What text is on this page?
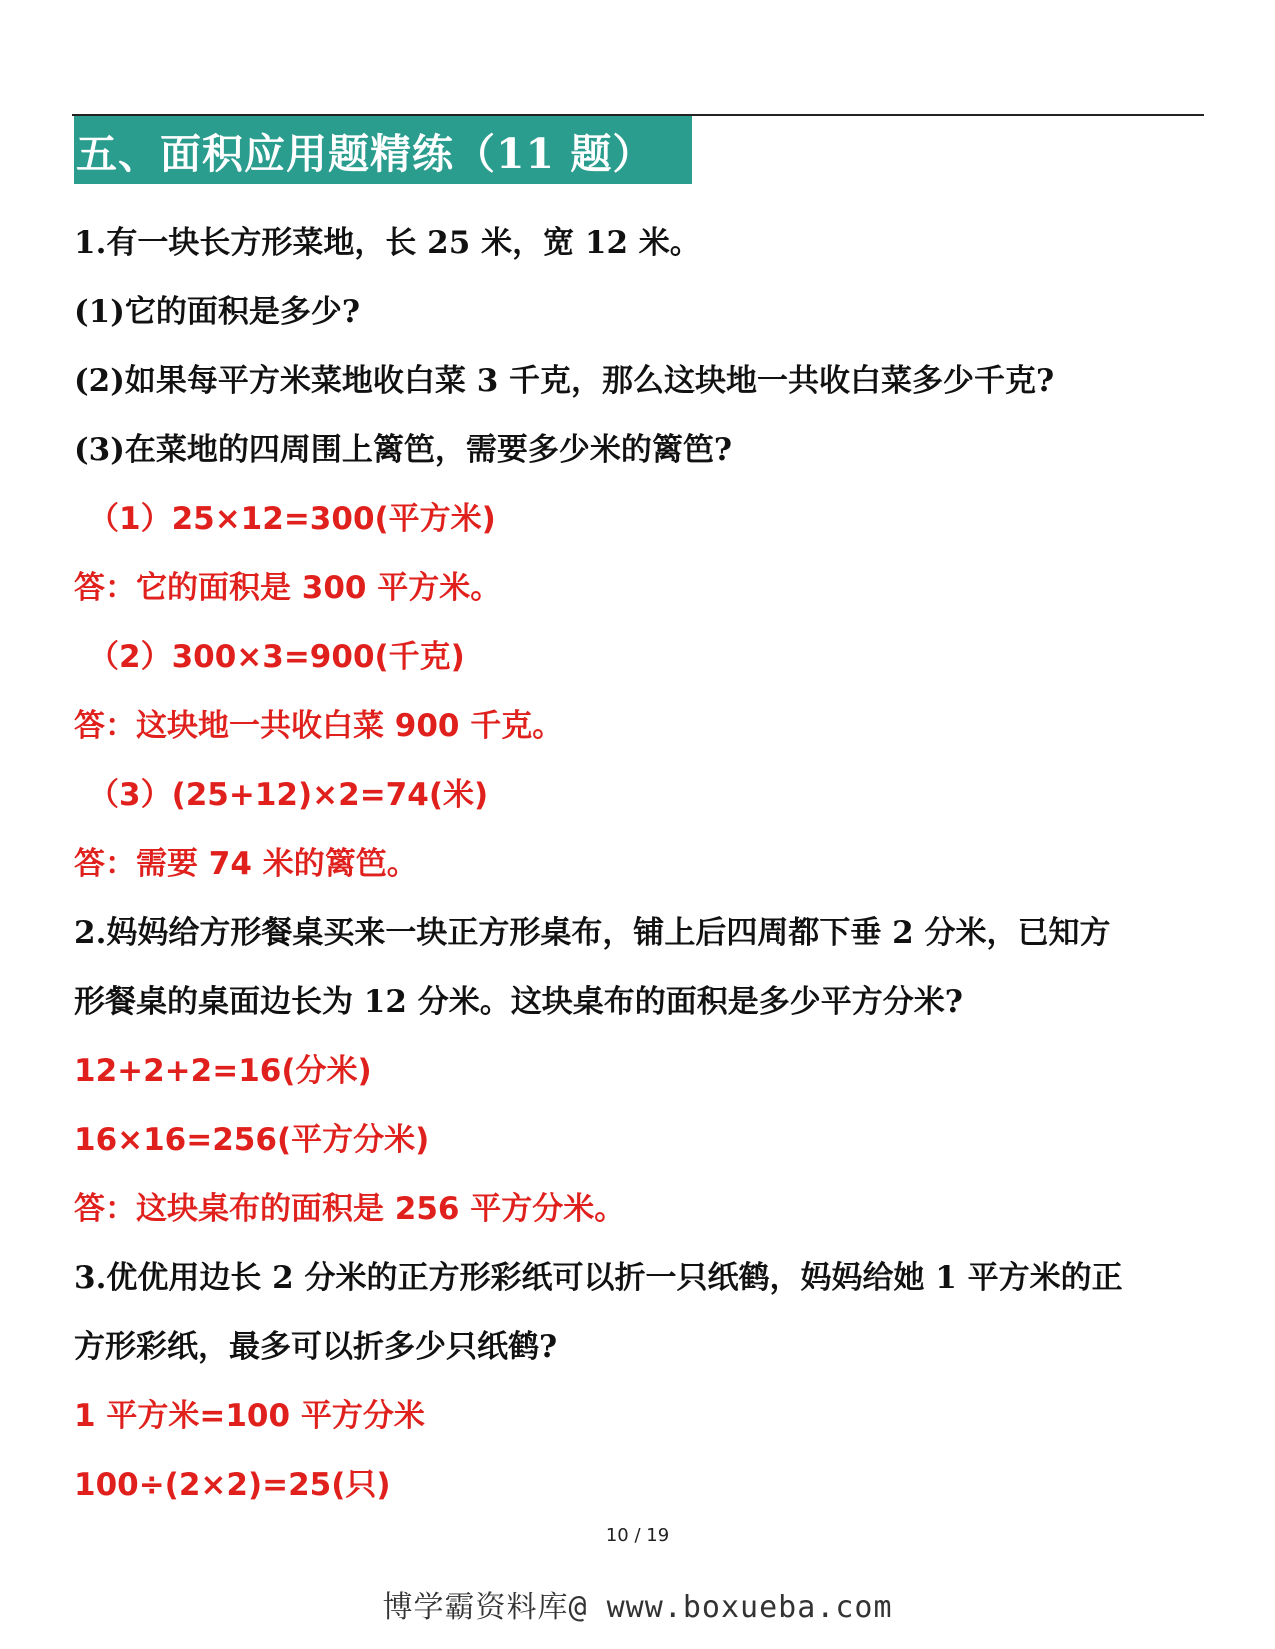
五、面积应用题精练（11 题）
1.有一块长方形菜地，长 25 米，宽 12 米。
(1)它的面积是多少?
(2)如果每平方米菜地收白菜 3 千克，那么这块地一共收白菜多少千克?
(3)在菜地的四周围上篱笆，需要多少米的篱笆?
（1）25×12=300(平方米)
答：它的面积是 300 平方米。
（2）300×3=900(千克)
答：这块地一共收白菜 900 千克。
（3）(25+12)×2=74(米)
答：需要 74 米的篱笆。
2.妈妈给方形餐桌买来一块正方形桌布，铺上后四周都下垂 2 分米，已知方
形餐桌的桌面边长为 12 分米。这块桌布的面积是多少平方分米?
12+2+2=16(分米)
16×16=256(平方分米)
答：这块桌布的面积是 256 平方分米。
3.优优用边长 2 分米的正方形彩纸可以折一只纸鹤，妈妈给她 1 平方米的正
方形彩纸，最多可以折多少只纸鹤?
1 平方米=100 平方分米
100÷(2×2)=25(只)
10 / 19
博学霸资料库@ www.boxueba.com
